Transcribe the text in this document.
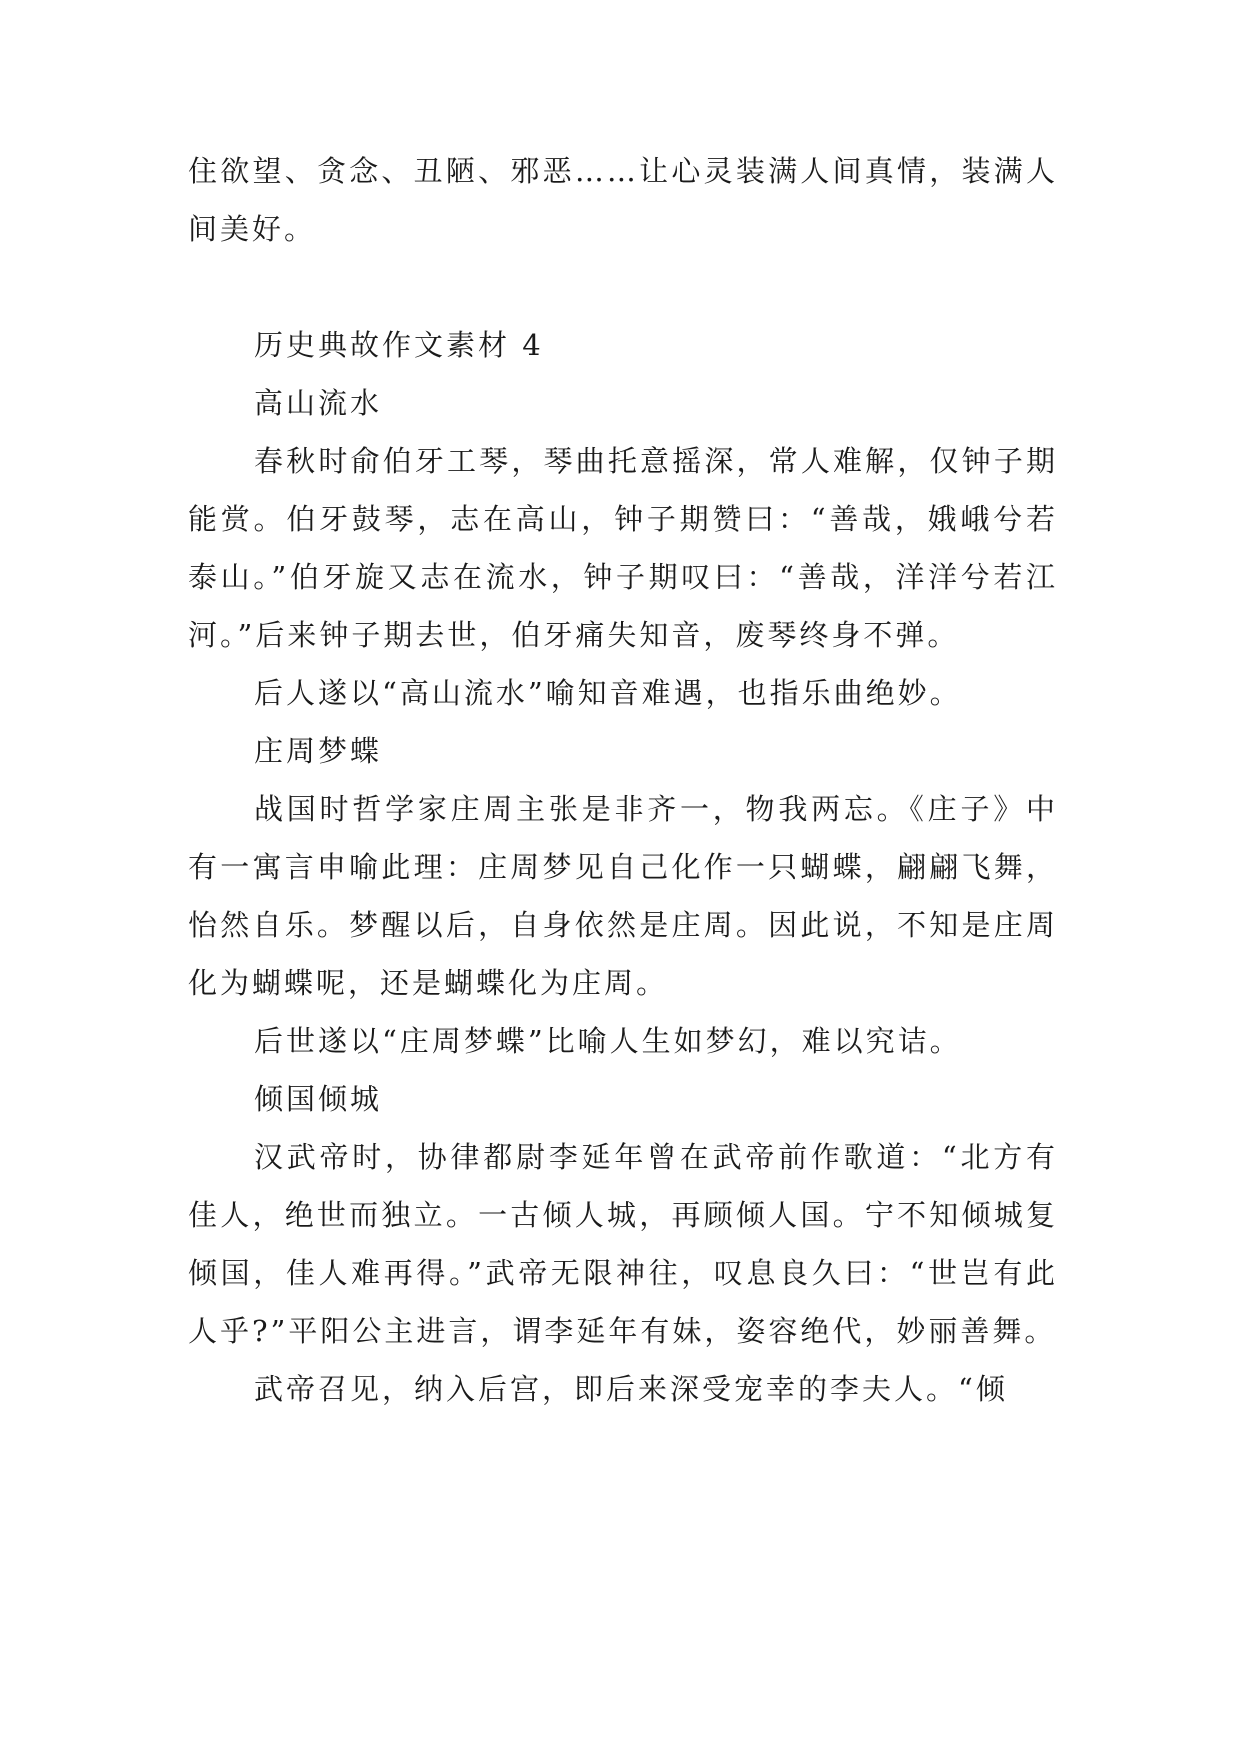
住欲望、贪念、丑陋、邪恶……让心灵装满人间真情，装满人间美好。

历史典故作文素材 4

高山流水

春秋时俞伯牙工琴，琴曲托意摇深，常人难解，仅钟子期能赏。伯牙鼓琴，志在高山，钟子期赞曰：“善哉，娥峨兮若泰山。”伯牙旋又志在流水，钟子期叹曰：“善哉，洋洋兮若江河。”后来钟子期去世，伯牙痛失知音，废琴终身不弹。

后人遂以“高山流水”喻知音难遇，也指乐曲绝妙。

庄周梦蝶

战国时哲学家庄周主张是非齐一，物我两忘。《庄子》中有一寓言申喻此理：庄周梦见自己化作一只蝴蝶，翩翩飞舞，怡然自乐。梦醒以后，自身依然是庄周。因此说，不知是庄周化为蝴蝶呢，还是蝴蝶化为庄周。

后世遂以“庄周梦蝶”比喻人生如梦幻，难以究诘。

倾国倾城

汉武帝时，协律都尉李延年曾在武帝前作歌道：“北方有佳人，绝世而独立。一古倾人城，再顾倾人国。宁不知倾城复倾国，佳人难再得。”武帝无限神往，叹息良久曰：“世岂有此人乎?”平阳公主进言，谓李延年有妹，姿容绝代，妙丽善舞。

武帝召见，纳入后宫，即后来深受宠幸的李夫人。“倾
